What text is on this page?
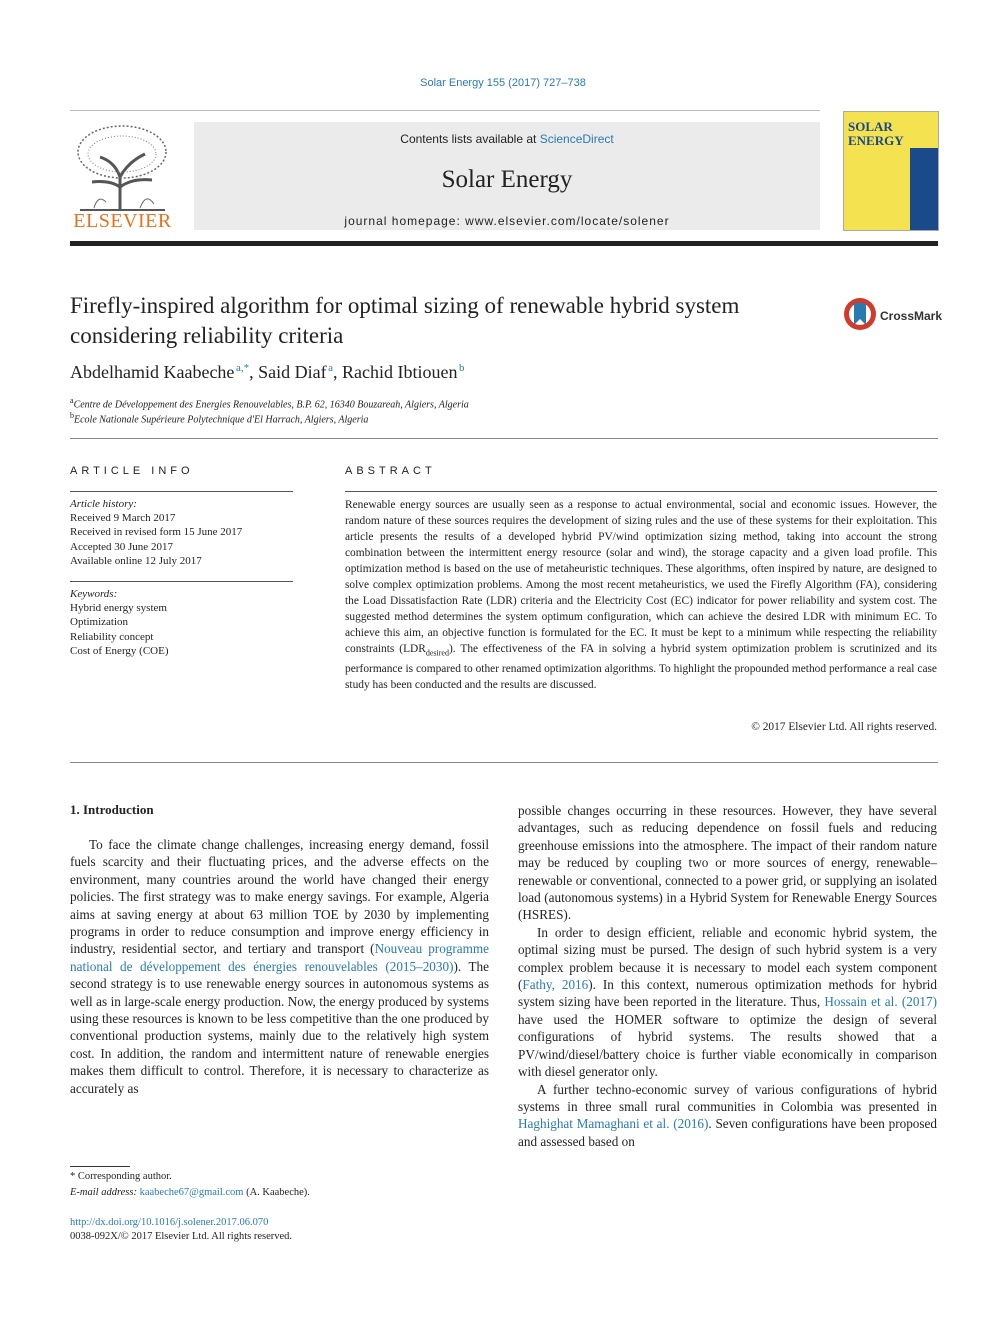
Solar Energy 155 (2017) 727–738
ELSEVIER
Contents lists available at ScienceDirect
Solar Energy
journal homepage: www.elsevier.com/locate/solener
SOLAR ENERGY
Firefly-inspired algorithm for optimal sizing of renewable hybrid system considering reliability criteria
CrossMark
Abdelhamid Kaabeche  $^{a,*}$, Said Diaf  $^a$, Rachid Ibtiouen  $^b$
$^a$Centre de Développement des Energies Renouvelables, B.P. 62, 16340 Bouzareah, Algiers, Algeria
$^b$Ecole Nationale Supérieure Polytechnique d'El Harrach, Algiers, Algeria
ARTICLE INFO	ABSTRACT
Article history:
Received 9 March 2017
Received in revised form 15 June 2017
Accepted 30 June 2017
Available online 12 July 2017
Keywords:
Hybrid energy system
Optimization
Reliability concept
Cost of Energy (COE)
Renewable energy sources are usually seen as a response to actual environmental, social and economic issues. However, the random nature of these sources requires the development of sizing rules and the use of these systems for their exploitation. This article presents the results of a developed hybrid PV/wind optimization sizing method, taking into account the strong combination between the intermittent energy resource (solar and wind), the storage capacity and a given load profile. This optimization method is based on the use of metaheuristic techniques. These algorithms, often inspired by nature, are designed to solve complex optimization problems. Among the most recent metaheuristics, we used the Firefly Algorithm (FA), considering the Load Dissatisfaction Rate (LDR) criteria and the Electricity Cost (EC) indicator for power reliability and system cost. The suggested method determines the system optimum configuration, which can achieve the desired LDR with minimum EC. To achieve this aim, an objective function is formulated for the EC. It must be kept to a minimum while respecting the reliability constraints $(LDR_{desired})$. The effectiveness of the FA in solving a hybrid system optimization problem is scrutinized and its performance is compared to other renamed optimization algorithms. To highlight the propounded method performance a real case study has been conducted and the results are discussed.
© 2017 Elsevier Ltd. All rights reserved.
1. Introduction

To face the climate change challenges, increasing energy demand, fossil fuels scarcity and their fluctuating prices, and the adverse effects on the environment, many countries around the world have changed their energy policies. The first strategy was to make energy savings. For example, Algeria aims at saving energy at about 63 million TOE by 2030 by implementing programs in order to reduce consumption and improve energy efficiency in industry, residential sector, and tertiary and transport (Nouveau programme national de développement des énergies renouvelables (2015–2030)). The second strategy is to use renewable energy sources in autonomous systems as well as in large-scale energy production. Now, the energy produced by systems using these resources is known to be less competitive than the one produced by conventional production systems, mainly due to the relatively high system cost. In addition, the random and intermittent nature of renewable energies makes them difficult to control. Therefore, it is necessary to characterize as accurately as

possible changes occurring in these resources. However, they have several advantages, such as reducing dependence on fossil fuels and reducing greenhouse emissions into the atmosphere. The impact of their random nature may be reduced by coupling two or more sources of energy, renewable–renewable or conventional, connected to a power grid, or supplying an isolated load (autonomous systems) in a Hybrid System for Renewable Energy Sources (HSRES).

In order to design efficient, reliable and economic hybrid system, the optimal sizing must be pursed. The design of such hybrid system is a very complex problem because it is necessary to model each system component (Fathy, 2016). In this context, numerous optimization methods for hybrid system sizing have been reported in the literature. Thus, Hossain et al. (2017) have used the HOMER software to optimize the design of several configurations of hybrid systems. The results showed that a PV/wind/diesel/battery choice is further viable economically in comparison with diesel generator only.

A further techno-economic survey of various configurations of hybrid systems in three small rural communities in Colombia was presented in Haghighat Mamaghani et al. (2016). Seven configurations have been proposed and assessed based on

* Corresponding author.
E-mail address: kaabeche67@gmail.com (A. Kaabeche).
http://dx.doi.org/10.1016/j.solener.2017.06.070
0038-092X/© 2017 Elsevier Ltd. All rights reserved.
